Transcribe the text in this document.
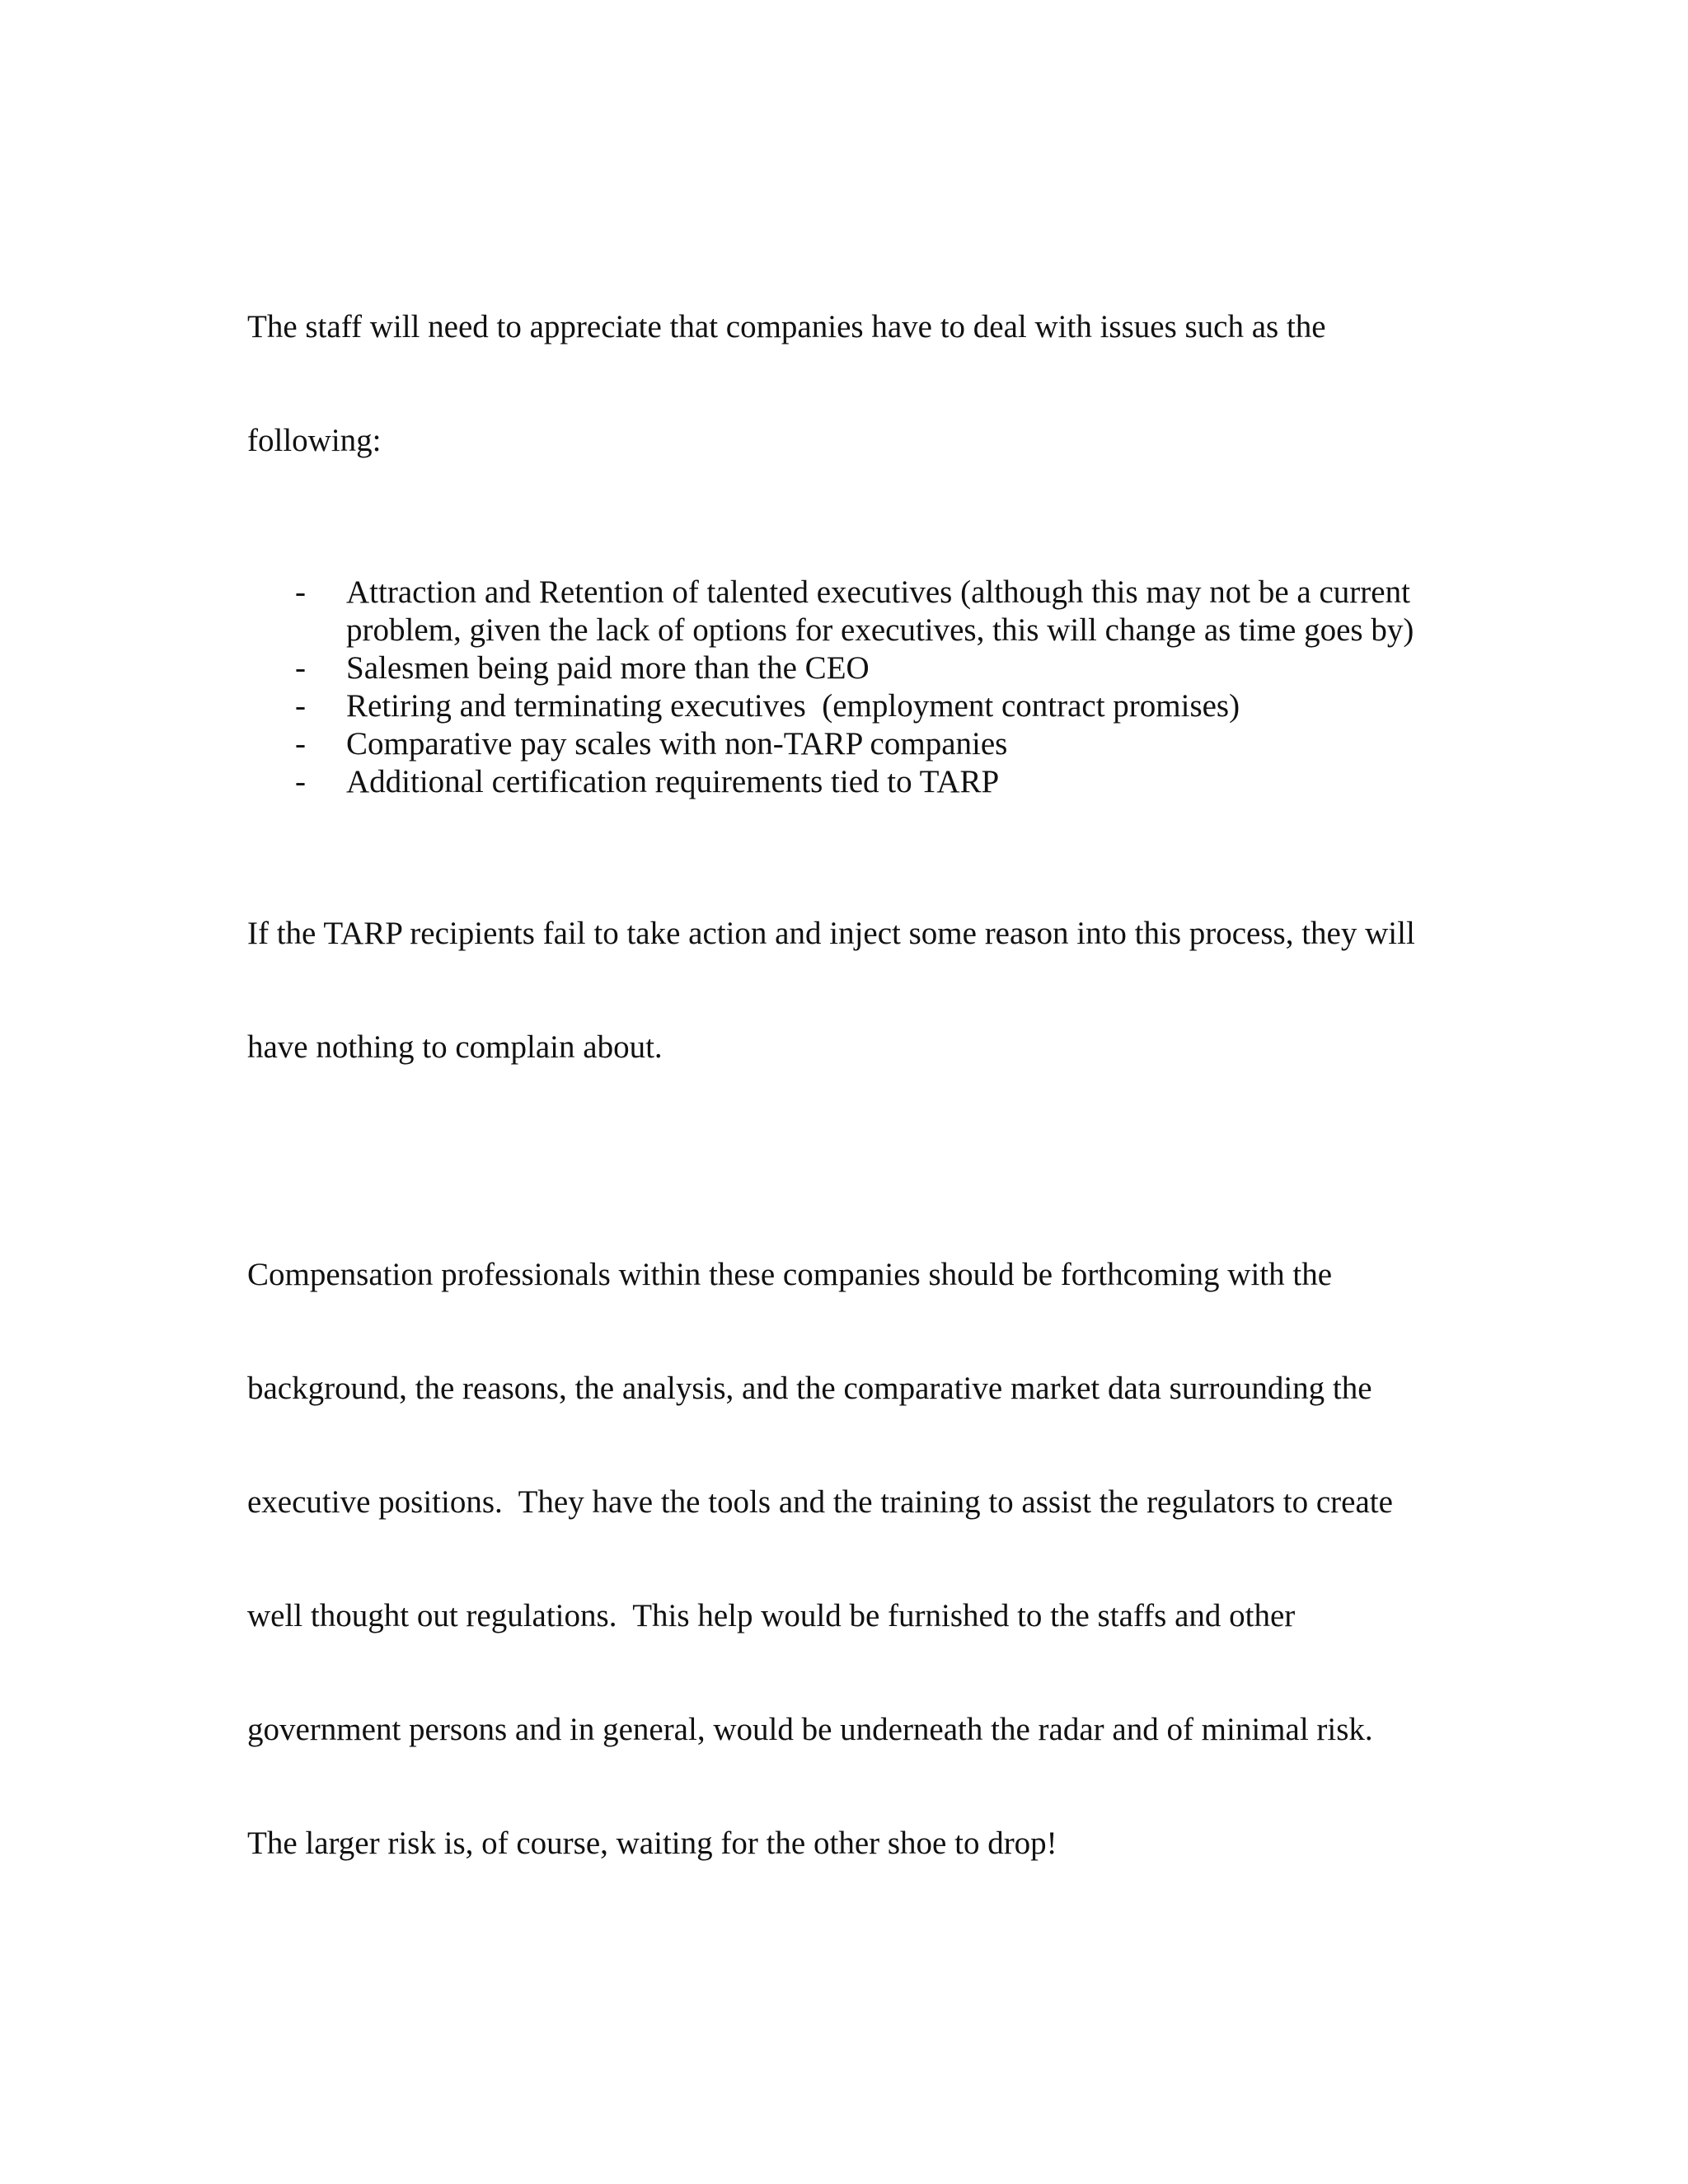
The staff will need to appreciate that companies have to deal with issues such as the

following:

- Attraction and Retention of talented executives (although this may not be a current
problem, given the lack of options for executives, this will change as time goes by)
- Salesmen being paid more than the CEO
- Retiring and terminating executives  (employment contract promises)
- Comparative pay scales with non-TARP companies
- Additional certification requirements tied to TARP

If the TARP recipients fail to take action and inject some reason into this process, they will

have nothing to complain about.

Compensation professionals within these companies should be forthcoming with the

background, the reasons, the analysis, and the comparative market data surrounding the

executive positions.  They have the tools and the training to assist the regulators to create

well thought out regulations.  This help would be furnished to the staffs and other

government persons and in general, would be underneath the radar and of minimal risk.

The larger risk is, of course, waiting for the other shoe to drop!
